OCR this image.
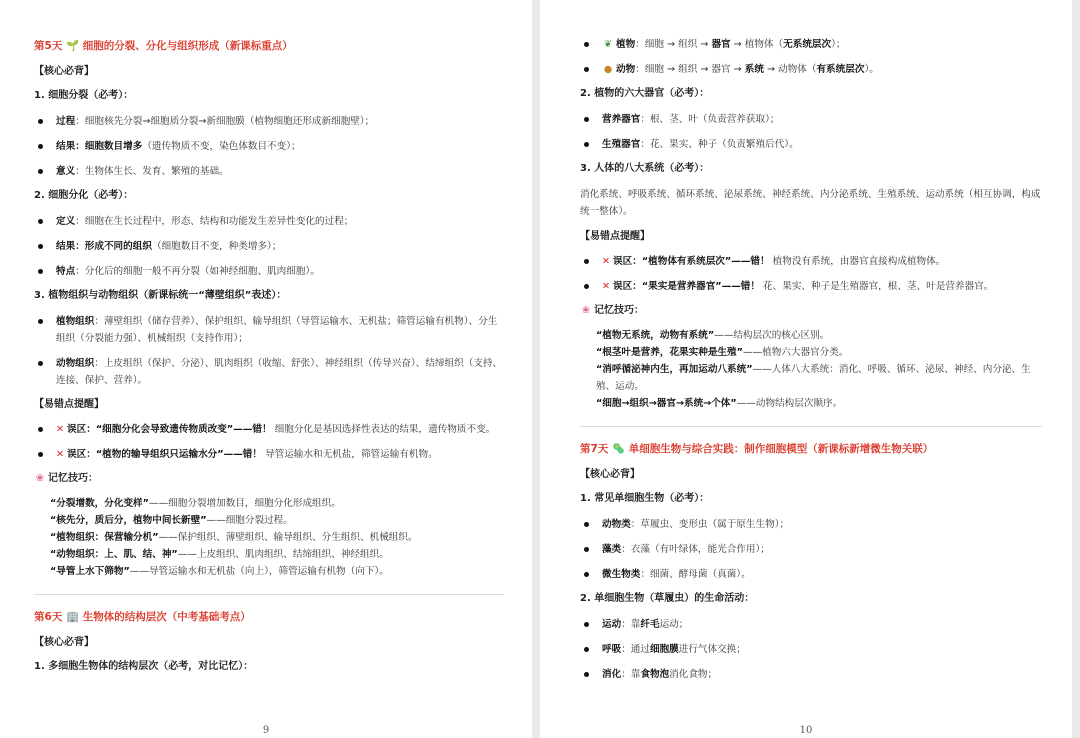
第5天 🌱 细胞的分裂、分化与组织形成（新课标重点）
【核心必背】
1. 细胞分裂（必考）：
过程：细胞核先分裂→细胞质分裂→新细胞膜（植物细胞还形成新细胞壁）；
结果：细胞数目增多（遗传物质不变，染色体数目不变）；
意义：生物体生长、发育、繁殖的基础。
2. 细胞分化（必考）：
定义：细胞在生长过程中，形态、结构和功能发生差异性变化的过程；
结果：形成不同的组织（细胞数目不变，种类增多）；
特点：分化后的细胞一般不再分裂（如神经细胞、肌肉细胞）。
3. 植物组织与动物组织（新课标统一“薄壁组织”表述）：
植物组织：薄壁组织（储存营养）、保护组织、输导组织（导管运输水、无机盐；筛管运输有机物）、分生组织（分裂能力强）、机械组织（支持作用）；
动物组织：上皮组织（保护、分泌）、肌肉组织（收缩、舒张）、神经组织（传导兴奋）、结缔组织（支持、连接、保护、营养）。
【易错点提醒】
✕ 误区：“细胞分化会导致遗传物质改变”——错！ 细胞分化是基因选择性表达的结果，遗传物质不变。
✕ 误区：“植物的输导组织只运输水分”——错！ 导管运输水和无机盐，筛管运输有机物。
❀ 记忆技巧：
“分裂增数，分化变样”——细胞分裂增加数目，细胞分化形成组织。
“核先分，质后分，植物中间长新壁”——细胞分裂过程。
“植物组织：保营输分机”——保护组织、薄壁组织、输导组织、分生组织、机械组织。
“动物组织：上、肌、结、神”——上皮组织、肌肉组织、结缔组织、神经组织。
“导管上水下筛物”——导管运输水和无机盐（向上），筛管运输有机物（向下）。
第6天 🏢 生物体的结构层次（中考基础考点）
【核心必背】
1. 多细胞生物体的结构层次（必考，对比记忆）：
9
❦ 植物：细胞 → 组织 → 器官 → 植物体（无系统层次）；
● 动物：细胞 → 组织 → 器官 → 系统 → 动物体（有系统层次）。
2. 植物的六大器官（必考）：
营养器官：根、茎、叶（负责营养获取）；
生殖器官：花、果实、种子（负责繁殖后代）。
3. 人体的八大系统（必考）：
消化系统、呼吸系统、循环系统、泌尿系统、神经系统、内分泌系统、生殖系统、运动系统（相互协调，构成统一整体）。
【易错点提醒】
✕ 误区：“植物体有系统层次”——错！ 植物没有系统，由器官直接构成植物体。
✕ 误区：“果实是营养器官”——错！ 花、果实、种子是生殖器官，根、茎、叶是营养器官。
❀ 记忆技巧：
“植物无系统，动物有系统”——结构层次的核心区别。
“根茎叶是营养，花果实种是生殖”——植物六大器官分类。
“消呼循泌神内生，再加运动八系统”——人体八大系统：消化、呼吸、循环、泌尿、神经、内分泌、生殖、运动。
“细胞→组织→器官→系统→个体”——动物结构层次顺序。
第7天 🦠 单细胞生物与综合实践：制作细胞模型（新课标新增微生物关联）
【核心必背】
1. 常见单细胞生物（必考）：
动物类：草履虫、变形虫（属于原生生物）；
藻类：衣藻（有叶绿体，能光合作用）；
微生物类：细菌、酵母菌（真菌）。
2. 单细胞生物（草履虫）的生命活动：
运动：靠纤毛运动；
呼吸：通过细胞膜进行气体交换；
消化：靠食物泡消化食物；
10
